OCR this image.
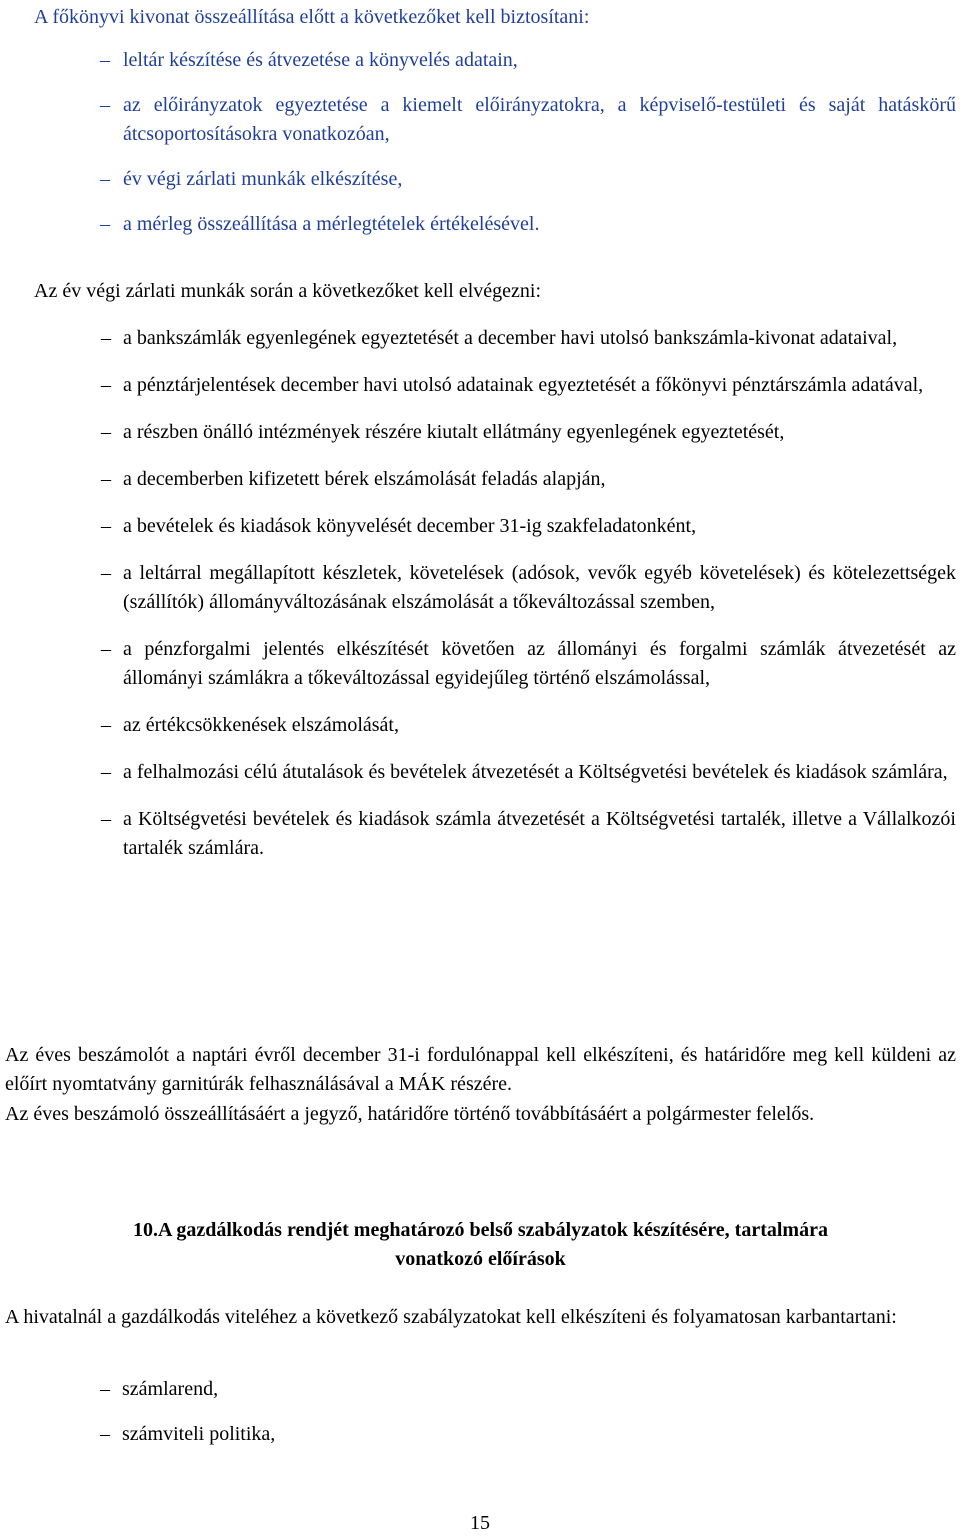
A főkönyvi kivonat összeállítása előtt a következőket kell biztosítani:

– leltár készítése és átvezetése a könyvelés adatain,
– az előirányzatok egyeztetése a kiemelt előirányzatokra, a képviselő-testületi és saját hatáskörű átcsoportosításokra vonatkozóan,
– év végi zárlati munkák elkészítése,
– a mérleg összeállítása a mérlegtételek értékelésével.

Az év végi zárlati munkák során a következőket kell elvégezni:

– a bankszámlák egyenlegének egyeztetését a december havi utolsó bankszámla-kivonat adataival,
– a pénztárjelentések december havi utolsó adatainak egyeztetését a főkönyvi pénztárszámla adatával,
– a részben önálló intézmények részére kiutalt ellátmány egyenlegének egyeztetését,
– a decemberben kifizetett bérek elszámolását feladás alapján,
– a bevételek és kiadások könyvelését december 31-ig szakfeladatonként,
– a leltárral megállapított készletek, követelések (adósok, vevők egyéb követelések) és kötelezettségek (szállítók) állományváltozásának elszámolását a tőkeváltozással szemben,
– a pénzforgalmi jelentés elkészítését követően az állományi és forgalmi számlák átvezetését az állományi számlákra a tőkeváltozással egyidejűleg történő elszámolással,
– az értékcsökkenések elszámolását,
– a felhalmozási célú átutalások és bevételek átvezetését a Költségvetési bevételek és kiadások számlára,
– a Költségvetési bevételek és kiadások számla átvezetését a Költségvetési tartalék, illetve a Vállalkozói tartalék számlára.

Az éves beszámolót a naptári évről december 31-i fordulónappal kell elkészíteni, és határidőre meg kell küldeni az előírt nyomtatvány garnitúrák felhasználásával a MÁK részére.

Az éves beszámoló összeállításáért a jegyző, határidőre történő továbbításáért a polgármester felelős.

10.A gazdálkodás rendjét meghatározó belső szabályzatok készítésére, tartalmára
vonatkozó előírások

A hivatalnál a gazdálkodás viteléhez a következő szabályzatokat kell elkészíteni és folyamatosan karbantartani:

– számlarend,
– számviteli politika,
15
